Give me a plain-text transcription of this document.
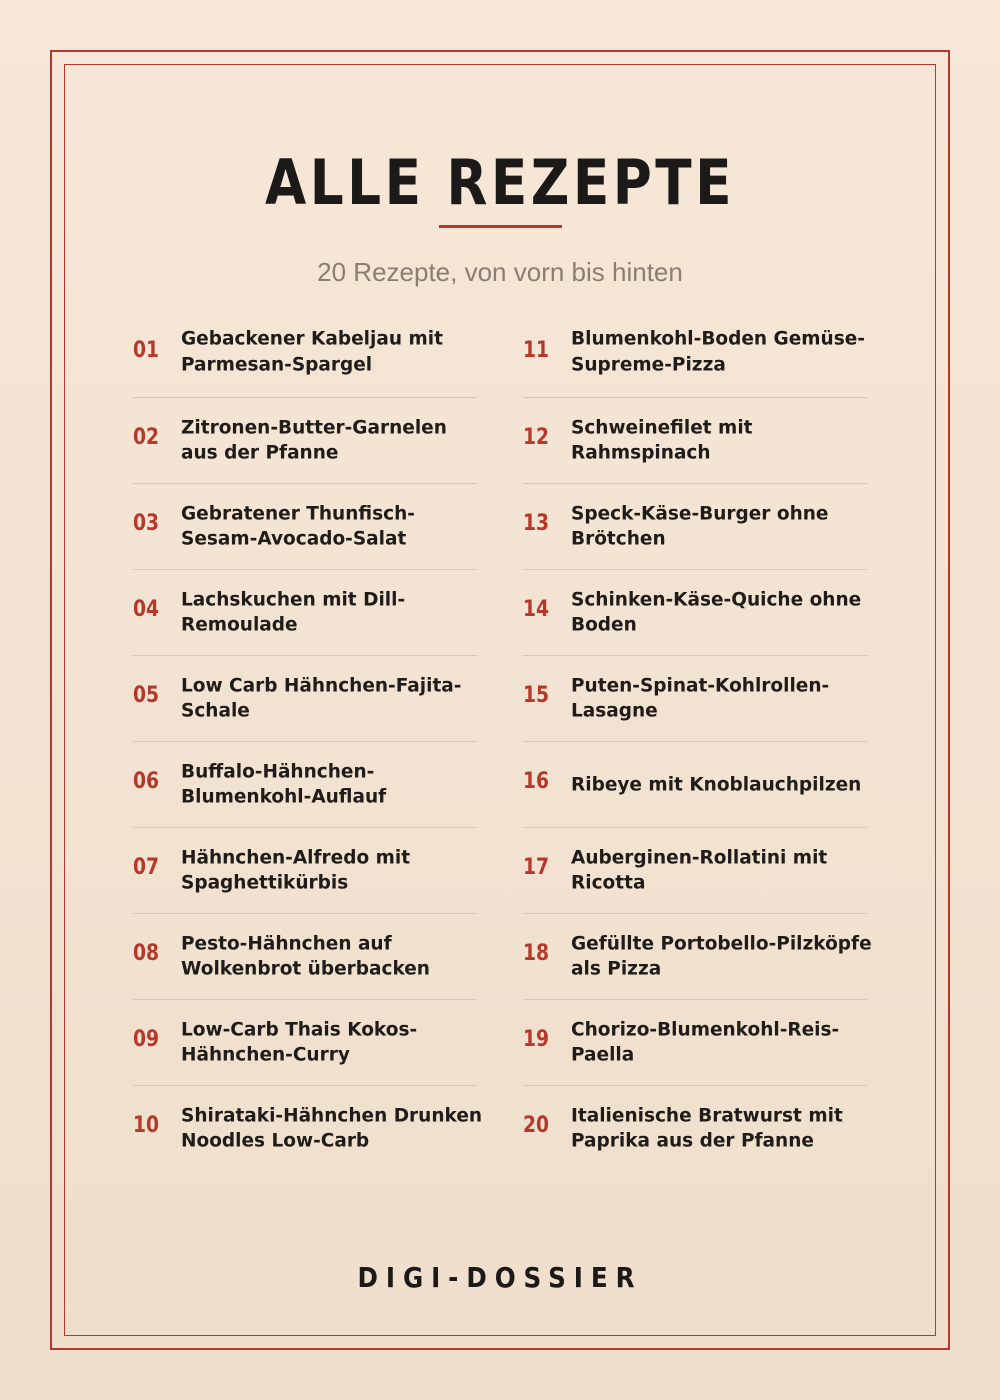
ALLE REZEPTE
20 Rezepte, von vorn bis hinten
01 Gebackener Kabeljau mit Parmesan-Spargel
02 Zitronen-Butter-Garnelen aus der Pfanne
03 Gebratener Thunfisch-Sesam-Avocado-Salat
04 Lachskuchen mit Dill-Remoulade
05 Low Carb Hähnchen-Fajita-Schale
06 Buffalo-Hähnchen-Blumenkohl-Auflauf
07 Hähnchen-Alfredo mit Spaghettikürbis
08 Pesto-Hähnchen auf Wolkenbrot überbacken
09 Low-Carb Thais Kokos-Hähnchen-Curry
10 Shirataki-Hähnchen Drunken Noodles Low-Carb
11 Blumenkohl-Boden Gemüse-Supreme-Pizza
12 Schweinefilet mit Rahmspinach
13 Speck-Käse-Burger ohne Brötchen
14 Schinken-Käse-Quiche ohne Boden
15 Puten-Spinat-Kohlrollen-Lasagne
16 Ribeye mit Knoblauchpilzen
17 Auberginen-Rollatini mit Ricotta
18 Gefüllte Portobello-Pilzköpfe als Pizza
19 Chorizo-Blumenkohl-Reis-Paella
20 Italienische Bratwurst mit Paprika aus der Pfanne
DIGI-DOSSIER
